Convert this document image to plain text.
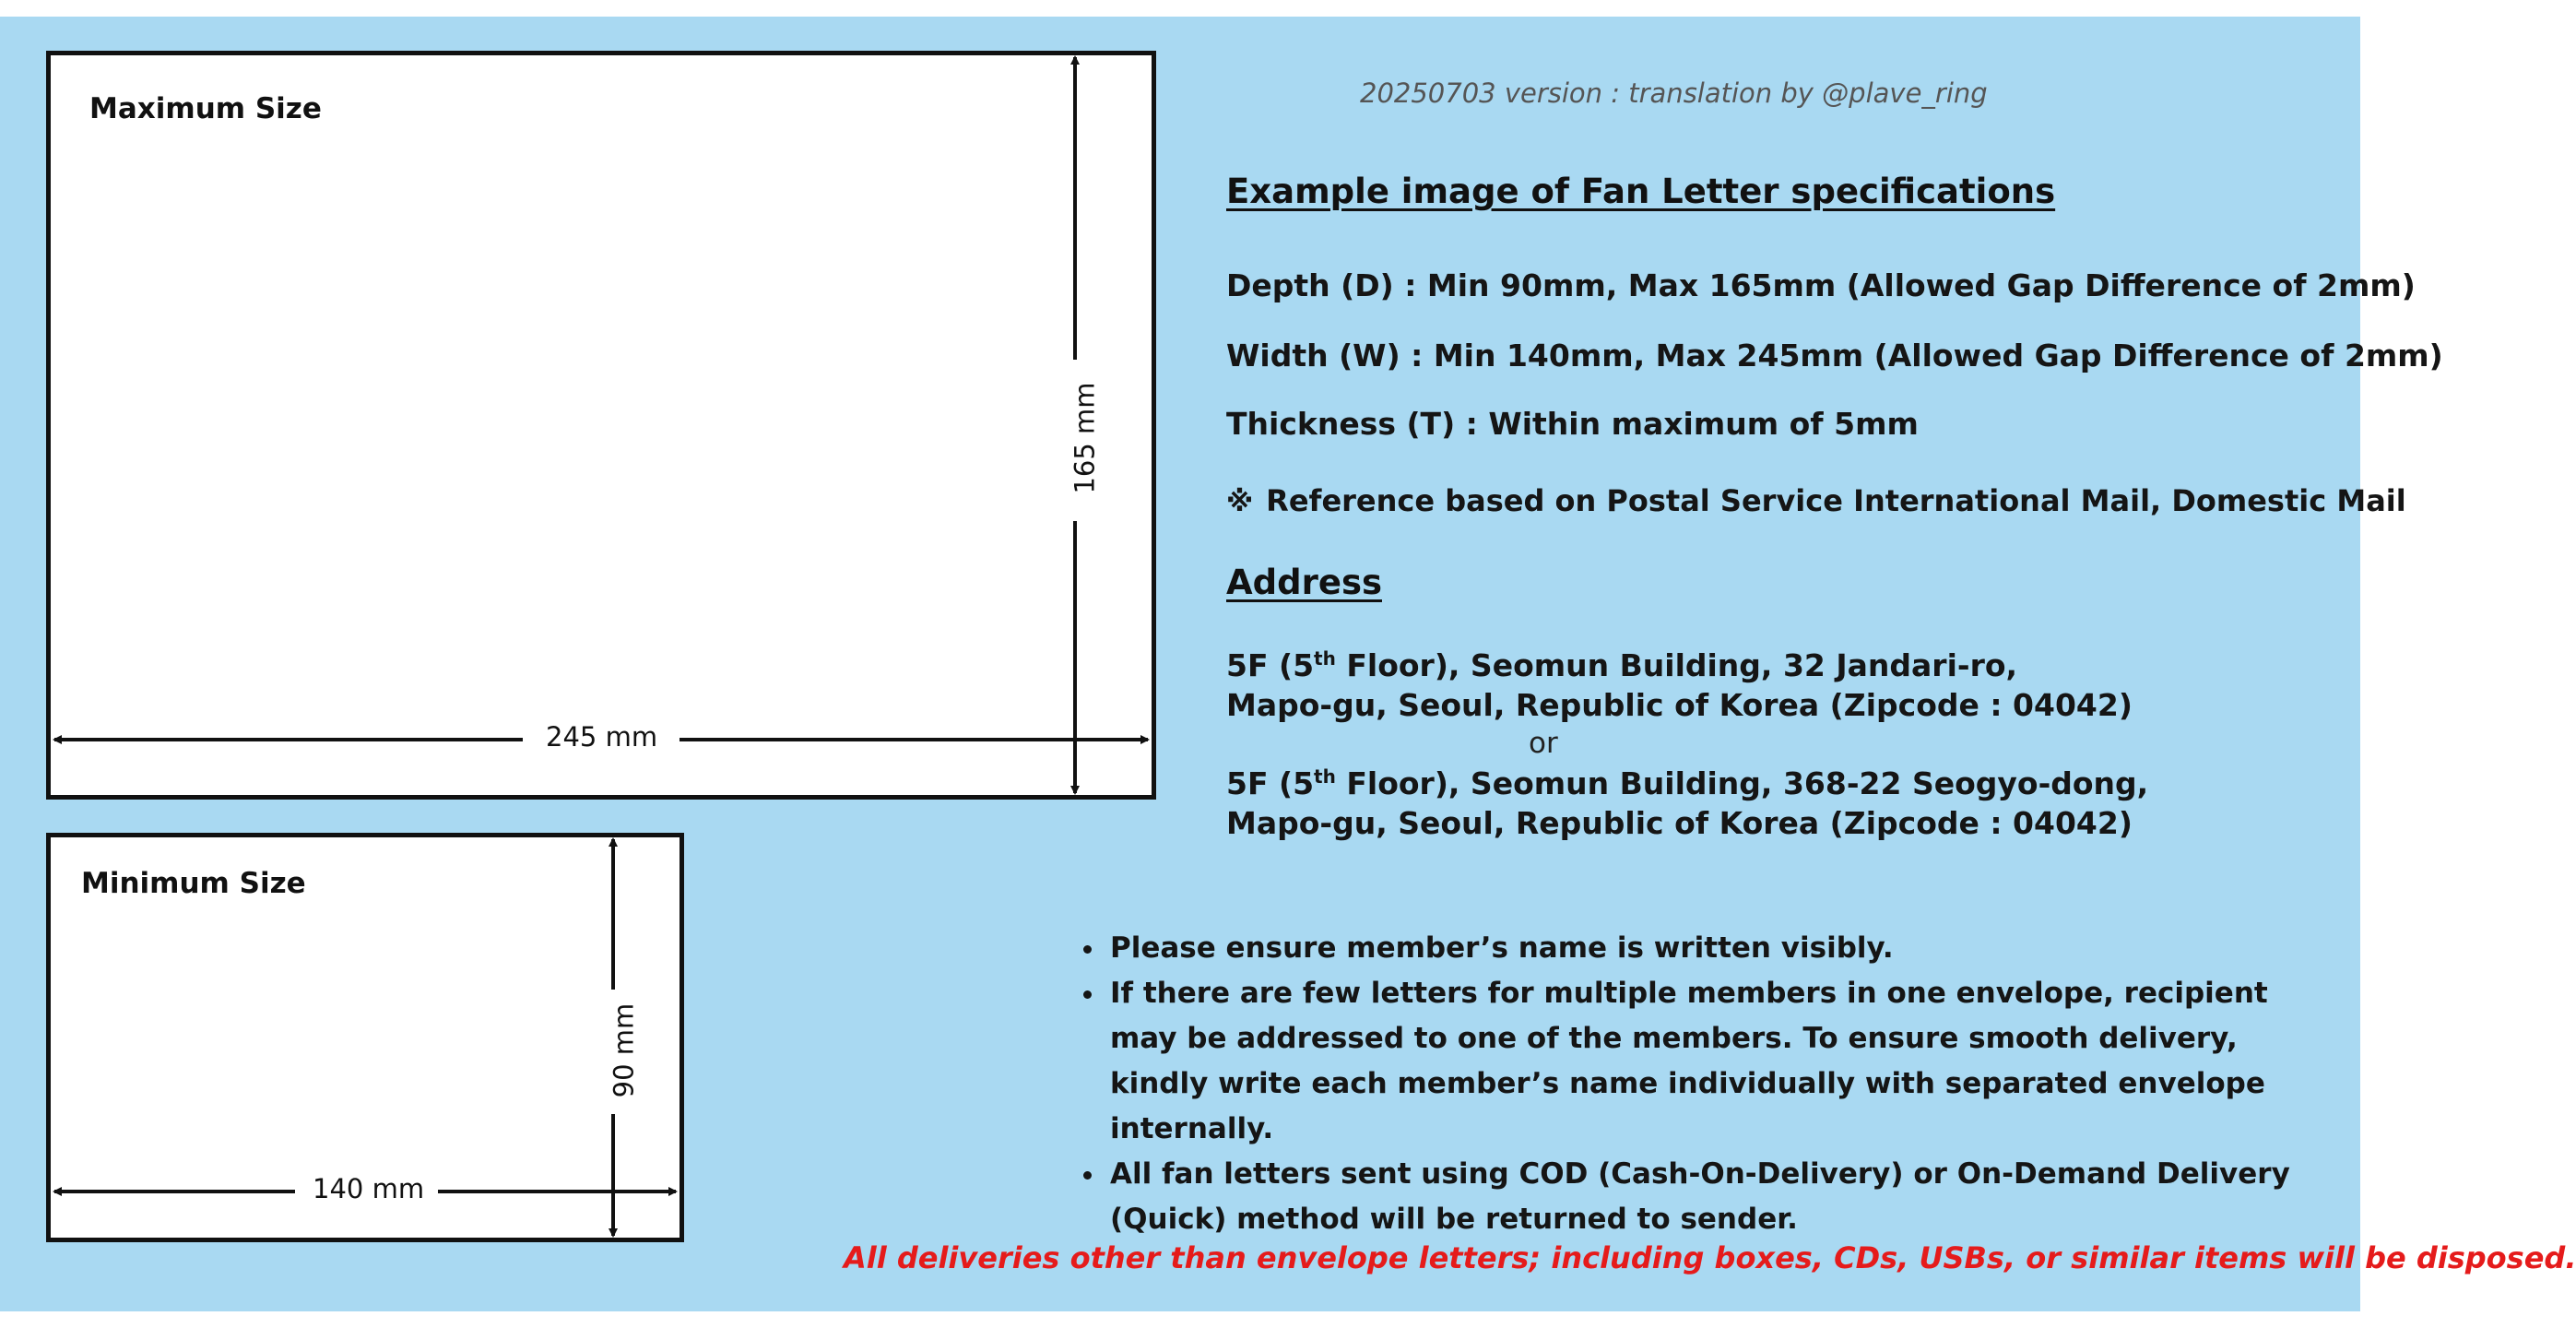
Maximum Size
245 mm
165 mm
Minimum Size
140 mm
90 mm
20250703 version : translation by @plave_ring
Example image of Fan Letter specifications
Depth (D) : Min 90mm, Max 165mm (Allowed Gap Difference of 2mm)
Width (W) : Min 140mm, Max 245mm (Allowed Gap Difference of 2mm)
Thickness (T) : Within maximum of 5mm
※ Reference based on Postal Service International Mail, Domestic Mail
Address
5F (5th Floor), Seomun Building, 32 Jandari-ro,
Mapo-gu, Seoul, Republic of Korea (Zipcode : 04042)
or
5F (5th Floor), Seomun Building, 368-22 Seogyo-dong,
Mapo-gu, Seoul, Republic of Korea (Zipcode : 04042)
• Please ensure member’s name is written visibly.
• If there are few letters for multiple members in one envelope, recipient may be addressed to one of the members. To ensure smooth delivery, kindly write each member’s name individually with separated envelope internally.
• All fan letters sent using COD (Cash-On-Delivery) or On-Demand Delivery (Quick) method will be returned to sender.
All deliveries other than envelope letters; including boxes, CDs, USBs, or similar items will be disposed.
